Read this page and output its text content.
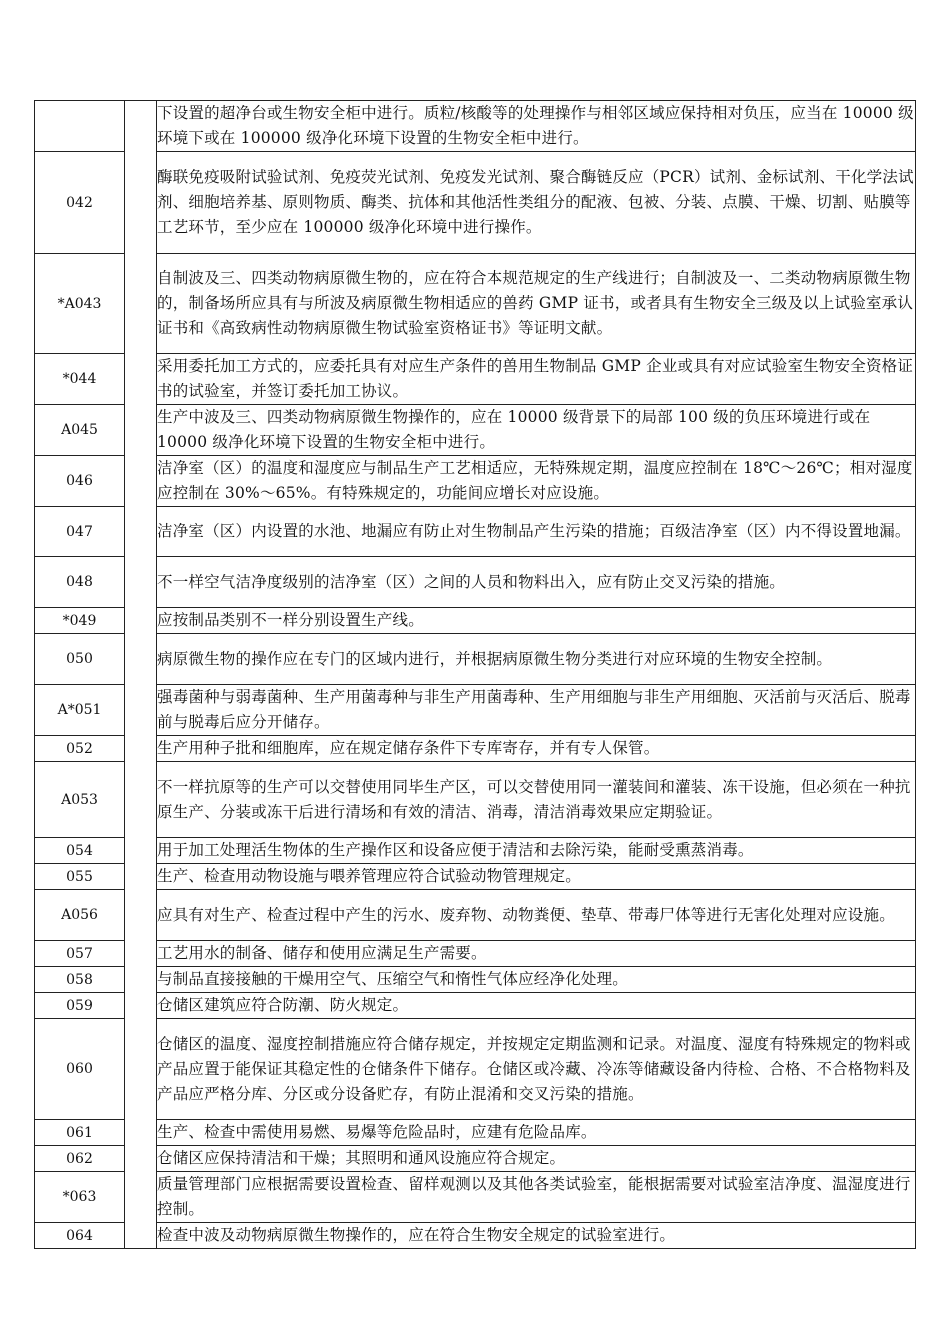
		下设置的超净台或生物安全柜中进行。质粒/核酸等的处理操作与相邻区域应保持相对负压，应当在 10000 级环境下或在 100000 级净化环境下设置的生物安全柜中进行。
042		酶联免疫吸附试验试剂、免疫荧光试剂、免疫发光试剂、聚合酶链反应（PCR）试剂、金标试剂、干化学法试剂、细胞培养基、原则物质、酶类、抗体和其他活性类组分的配液、包被、分装、点膜、干燥、切割、贴膜等工艺环节，至少应在 100000 级净化环境中进行操作。
*A043		自制波及三、四类动物病原微生物的，应在符合本规范规定的生产线进行；自制波及一、二类动物病原微生物的，制备场所应具有与所波及病原微生物相适应的兽药 GMP 证书，或者具有生物安全三级及以上试验室承认证书和《高致病性动物病原微生物试验室资格证书》等证明文献。
*044		采用委托加工方式的，应委托具有对应生产条件的兽用生物制品 GMP 企业或具有对应试验室生物安全资格证书的试验室，并签订委托加工协议。
A045		生产中波及三、四类动物病原微生物操作的，应在 10000 级背景下的局部 100 级的负压环境进行或在 10000 级净化环境下设置的生物安全柜中进行。
046		洁净室（区）的温度和湿度应与制品生产工艺相适应，无特殊规定期，温度应控制在 18℃～26℃；相对湿度应控制在 30%～65%。有特殊规定的，功能间应增长对应设施。
047		洁净室（区）内设置的水池、地漏应有防止对生物制品产生污染的措施；百级洁净室（区）内不得设置地漏。
048		不一样空气洁净度级别的洁净室（区）之间的人员和物料出入，应有防止交叉污染的措施。
*049		应按制品类别不一样分别设置生产线。
050		病原微生物的操作应在专门的区域内进行，并根据病原微生物分类进行对应环境的生物安全控制。
A*051		强毒菌种与弱毒菌种、生产用菌毒种与非生产用菌毒种、生产用细胞与非生产用细胞、灭活前与灭活后、脱毒前与脱毒后应分开储存。
052		生产用种子批和细胞库，应在规定储存条件下专库寄存，并有专人保管。
A053		不一样抗原等的生产可以交替使用同毕生产区，可以交替使用同一灌装间和灌装、冻干设施，但必须在一种抗原生产、分装或冻干后进行清场和有效的清洁、消毒，清洁消毒效果应定期验证。
054		用于加工处理活生物体的生产操作区和设备应便于清洁和去除污染，能耐受熏蒸消毒。
055		生产、检查用动物设施与喂养管理应符合试验动物管理规定。
A056		应具有对生产、检查过程中产生的污水、废弃物、动物粪便、垫草、带毒尸体等进行无害化处理对应设施。
057		工艺用水的制备、储存和使用应满足生产需要。
058		与制品直接接触的干燥用空气、压缩空气和惰性气体应经净化处理。
059		仓储区建筑应符合防潮、防火规定。
060		仓储区的温度、湿度控制措施应符合储存规定，并按规定定期监测和记录。对温度、湿度有特殊规定的物料或产品应置于能保证其稳定性的仓储条件下储存。仓储区或冷藏、冷冻等储藏设备内待检、合格、不合格物料及产品应严格分库、分区或分设备贮存，有防止混淆和交叉污染的措施。
061		生产、检查中需使用易燃、易爆等危险品时，应建有危险品库。
062		仓储区应保持清洁和干燥；其照明和通风设施应符合规定。
*063		质量管理部门应根据需要设置检查、留样观测以及其他各类试验室，能根据需要对试验室洁净度、温湿度进行控制。
064		检查中波及动物病原微生物操作的，应在符合生物安全规定的试验室进行。
